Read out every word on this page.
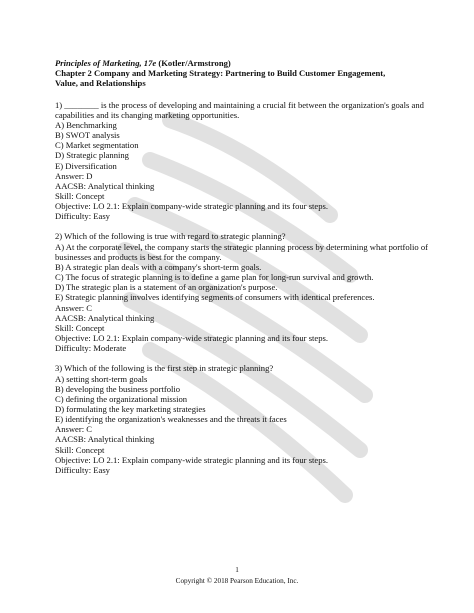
Principles of Marketing, 17e (Kotler/Armstrong)
Chapter 2 Company and Marketing Strategy: Partnering to Build Customer Engagement,
Value, and Relationships
1) ________ is the process of developing and maintaining a crucial fit between the organization's goals and capabilities and its changing marketing opportunities.
A) Benchmarking
B) SWOT analysis
C) Market segmentation
D) Strategic planning
E) Diversification
Answer: D
AACSB: Analytical thinking
Skill: Concept
Objective: LO 2.1: Explain company-wide strategic planning and its four steps.
Difficulty: Easy
2) Which of the following is true with regard to strategic planning?
A) At the corporate level, the company starts the strategic planning process by determining what portfolio of businesses and products is best for the company.
B) A strategic plan deals with a company's short-term goals.
C) The focus of strategic planning is to define a game plan for long-run survival and growth.
D) The strategic plan is a statement of an organization's purpose.
E) Strategic planning involves identifying segments of consumers with identical preferences.
Answer: C
AACSB: Analytical thinking
Skill: Concept
Objective: LO 2.1: Explain company-wide strategic planning and its four steps.
Difficulty: Moderate
3) Which of the following is the first step in strategic planning?
A) setting short-term goals
B) developing the business portfolio
C) defining the organizational mission
D) formulating the key marketing strategies
E) identifying the organization's weaknesses and the threats it faces
Answer: C
AACSB: Analytical thinking
Skill: Concept
Objective: LO 2.1: Explain company-wide strategic planning and its four steps.
Difficulty: Easy
1
Copyright © 2018 Pearson Education, Inc.
